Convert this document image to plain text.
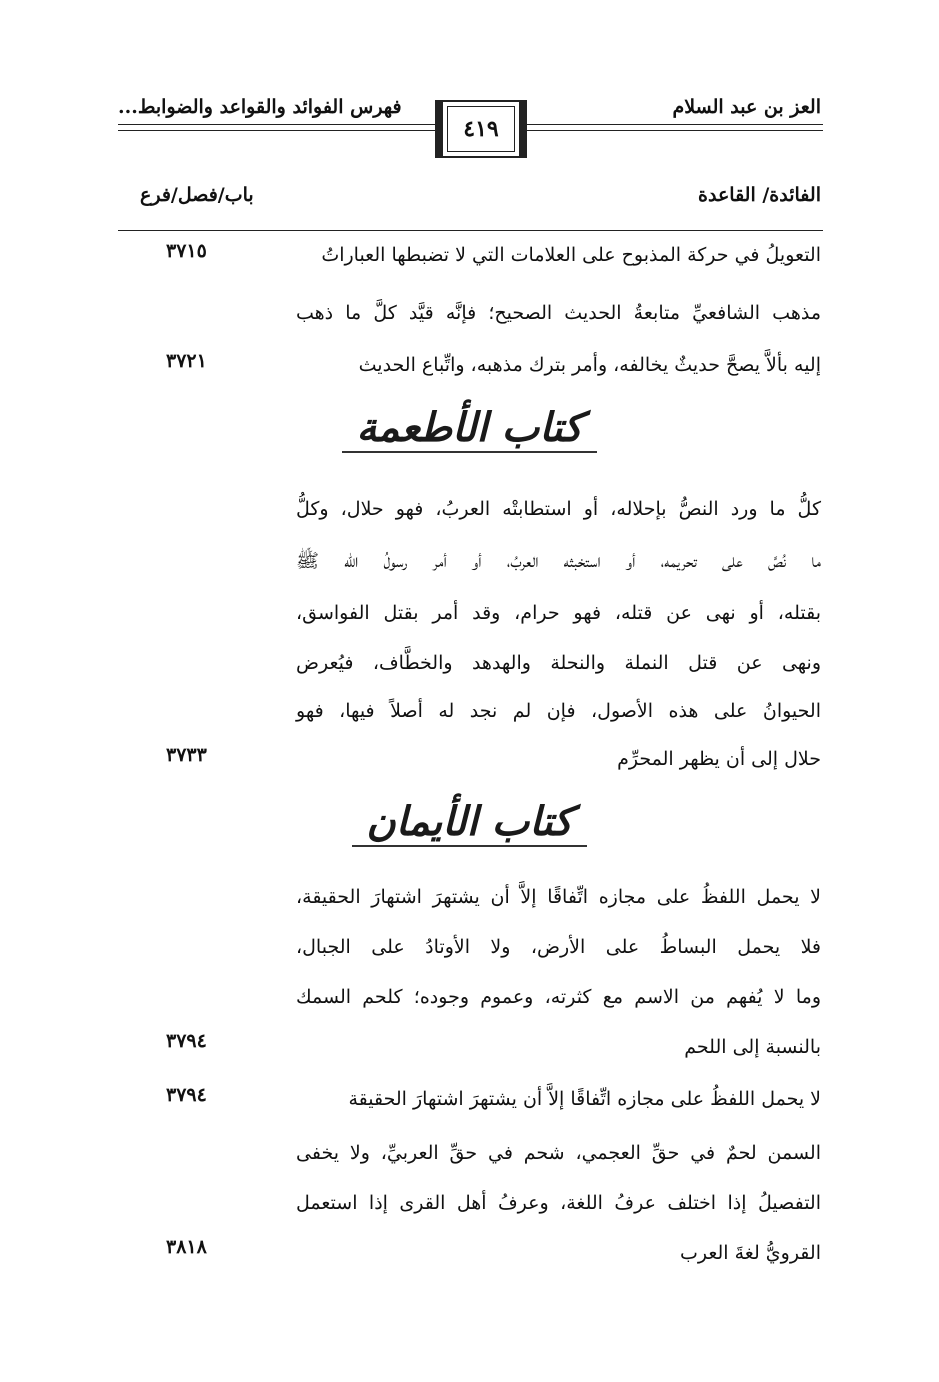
العز بن عبد السلام
فهرس الفوائد والقواعد والضوابط...
٤١٩
الفائدة/ القاعدة
باب/فصل/فرع
التعويلُ في حركة المذبوح على العلامات التي لا تضبطها العباراتُ
٣٧١٥
مذهب الشافعيِّ متابعةُ الحديث الصحيح؛ فإنَّه قيَّد كلَّ ما ذهب
إليه بألاَّ يصحَّ حديثٌ يخالفه، وأمر بترك مذهبه، واتِّباع الحديث
٣٧٢١
كتاب الأطعمة
كلُّ ما ورد النصُّ بإحلاله، أو استطابتْه العربُ، فهو حلال، وكلُّ
ما نُصَّ على تحريمه، أو استخبثه العربُ، أو أمر رسولُ الله ﷺ
بقتله، أو نهى عن قتله، فهو حرام، وقد أمر بقتل الفواسق،
ونهى عن قتل النملة والنحلة والهدهد والخطَّاف، فيُعرض
الحيوانُ على هذه الأصول، فإن لم نجد له أصلاً فيها، فهو
حلال إلى أن يظهر المحرِّم
٣٧٣٣
كتاب الأيمان
لا يحمل اللفظُ على مجازه اتِّفاقًا إلاَّ أن يشتهرَ اشتهارَ الحقيقة،
فلا يحمل البساطُ على الأرض، ولا الأوتادُ على الجبال،
وما لا يُفهم من الاسم مع كثرته، وعموم وجوده؛ كلحم السمك
بالنسبة إلى اللحم
٣٧٩٤
لا يحمل اللفظُ على مجازه اتِّفاقًا إلاَّ أن يشتهرَ اشتهارَ الحقيقة
٣٧٩٤
السمن لحمٌ في حقِّ العجمي، شحم في حقِّ العربيِّ، ولا يخفى
التفصيلُ إذا اختلف عرفُ اللغة، وعرفُ أهل القرى إذا استعمل
القرويُّ لغةَ العرب
٣٨١٨
